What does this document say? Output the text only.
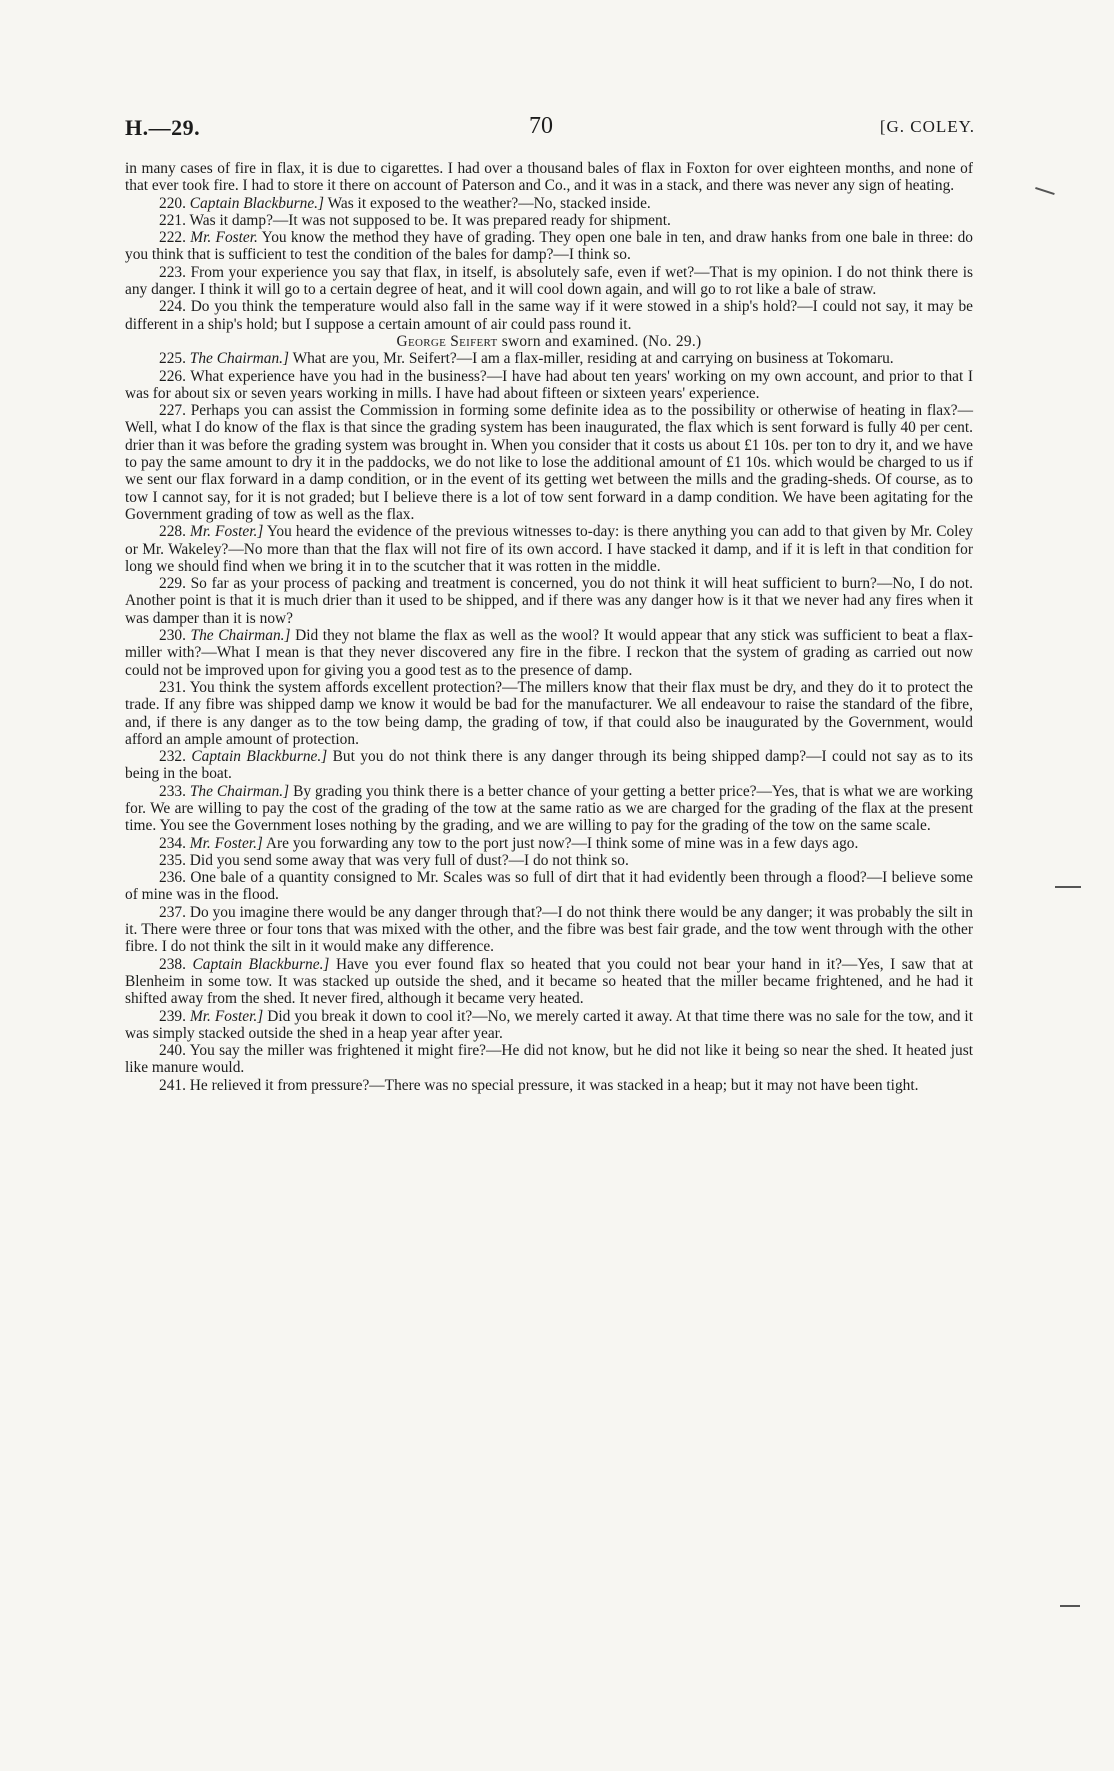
H.—29.	70	[G. COLEY.

in many cases of fire in flax, it is due to cigarettes. I had over a thousand bales of flax in Foxton for over eighteen months, and none of that ever took fire. I had to store it there on account of Paterson and Co., and it was in a stack, and there was never any sign of heating.

220. Captain Blackburne.] Was it exposed to the weather?—No, stacked inside.

221. Was it damp?—It was not supposed to be. It was prepared ready for shipment.

222. Mr. Foster. You know the method they have of grading. They open one bale in ten, and draw hanks from one bale in three: do you think that is sufficient to test the condition of the bales for damp?—I think so.

223. From your experience you say that flax, in itself, is absolutely safe, even if wet?—That is my opinion. I do not think there is any danger. I think it will go to a certain degree of heat, and it will cool down again, and will go to rot like a bale of straw.

224. Do you think the temperature would also fall in the same way if it were stowed in a ship's hold?—I could not say, it may be different in a ship's hold; but I suppose a certain amount of air could pass round it.

George Seifert sworn and examined. (No. 29.)

225. The Chairman.] What are you, Mr. Seifert?—I am a flax-miller, residing at and carrying on business at Tokomaru.

226. What experience have you had in the business?—I have had about ten years' working on my own account, and prior to that I was for about six or seven years working in mills. I have had about fifteen or sixteen years' experience.

227. Perhaps you can assist the Commission in forming some definite idea as to the possibility or otherwise of heating in flax?—Well, what I do know of the flax is that since the grading system has been inaugurated, the flax which is sent forward is fully 40 per cent. drier than it was before the grading system was brought in. When you consider that it costs us about £1 10s. per ton to dry it, and we have to pay the same amount to dry it in the paddocks, we do not like to lose the additional amount of £1 10s. which would be charged to us if we sent our flax forward in a damp condition, or in the event of its getting wet between the mills and the grading-sheds. Of course, as to tow I cannot say, for it is not graded; but I believe there is a lot of tow sent forward in a damp condition. We have been agitating for the Government grading of tow as well as the flax.

228. Mr. Foster.] You heard the evidence of the previous witnesses to-day: is there anything you can add to that given by Mr. Coley or Mr. Wakeley?—No more than that the flax will not fire of its own accord. I have stacked it damp, and if it is left in that condition for long we should find when we bring it in to the scutcher that it was rotten in the middle.

229. So far as your process of packing and treatment is concerned, you do not think it will heat sufficient to burn?—No, I do not. Another point is that it is much drier than it used to be shipped, and if there was any danger how is it that we never had any fires when it was damper than it is now?

230. The Chairman.] Did they not blame the flax as well as the wool? It would appear that any stick was sufficient to beat a flax-miller with?—What I mean is that they never discovered any fire in the fibre. I reckon that the system of grading as carried out now could not be improved upon for giving you a good test as to the presence of damp.

231. You think the system affords excellent protection?—The millers know that their flax must be dry, and they do it to protect the trade. If any fibre was shipped damp we know it would be bad for the manufacturer. We all endeavour to raise the standard of the fibre, and, if there is any danger as to the tow being damp, the grading of tow, if that could also be inaugurated by the Government, would afford an ample amount of protection.

232. Captain Blackburne.] But you do not think there is any danger through its being shipped damp?—I could not say as to its being in the boat.

233. The Chairman.] By grading you think there is a better chance of your getting a better price?—Yes, that is what we are working for. We are willing to pay the cost of the grading of the tow at the same ratio as we are charged for the grading of the flax at the present time. You see the Government loses nothing by the grading, and we are willing to pay for the grading of the tow on the same scale.

234. Mr. Foster.] Are you forwarding any tow to the port just now?—I think some of mine was in a few days ago.

235. Did you send some away that was very full of dust?—I do not think so.

236. One bale of a quantity consigned to Mr. Scales was so full of dirt that it had evidently been through a flood?—I believe some of mine was in the flood.

237. Do you imagine there would be any danger through that?—I do not think there would be any danger; it was probably the silt in it. There were three or four tons that was mixed with the other, and the fibre was best fair grade, and the tow went through with the other fibre. I do not think the silt in it would make any difference.

238. Captain Blackburne.] Have you ever found flax so heated that you could not bear your hand in it?—Yes, I saw that at Blenheim in some tow. It was stacked up outside the shed, and it became so heated that the miller became frightened, and he had it shifted away from the shed. It never fired, although it became very heated.

239. Mr. Foster.] Did you break it down to cool it?—No, we merely carted it away. At that time there was no sale for the tow, and it was simply stacked outside the shed in a heap year after year.

240. You say the miller was frightened it might fire?—He did not know, but he did not like it being so near the shed. It heated just like manure would.

241. He relieved it from pressure?—There was no special pressure, it was stacked in a heap; but it may not have been tight.
